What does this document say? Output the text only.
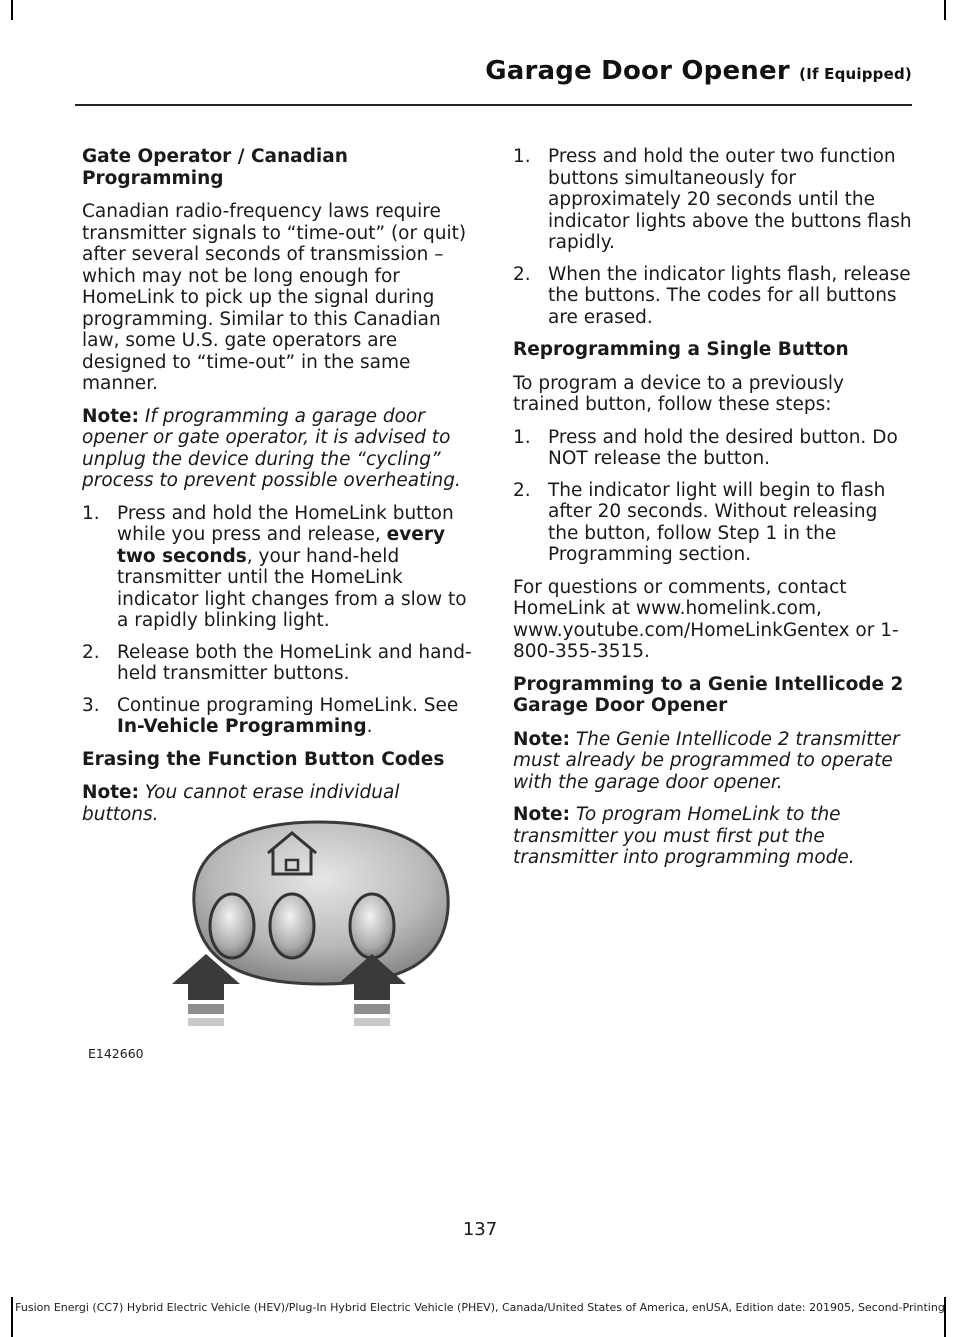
Garage Door Opener (If Equipped)
Gate Operator / Canadian Programming
Canadian radio-frequency laws require transmitter signals to “time-out” (or quit) after several seconds of transmission – which may not be long enough for HomeLink to pick up the signal during programming. Similar to this Canadian law, some U.S. gate operators are designed to “time-out” in the same manner.
Note: If programming a garage door opener or gate operator, it is advised to unplug the device during the “cycling” process to prevent possible overheating.
1. Press and hold the HomeLink button while you press and release, every two seconds, your hand-held transmitter until the HomeLink indicator light changes from a slow to a rapidly blinking light.
2. Release both the HomeLink and hand-held transmitter buttons.
3. Continue programing HomeLink. See In-Vehicle Programming.
Erasing the Function Button Codes
Note: You cannot erase individual buttons.
E142660
1. Press and hold the outer two function buttons simultaneously for approximately 20 seconds until the indicator lights above the buttons flash rapidly.
2. When the indicator lights flash, release the buttons. The codes for all buttons are erased.
Reprogramming a Single Button
To program a device to a previously trained button, follow these steps:
1. Press and hold the desired button. Do NOT release the button.
2. The indicator light will begin to flash after 20 seconds. Without releasing the button, follow Step 1 in the Programming section.
For questions or comments, contact HomeLink at www.homelink.com, www.youtube.com/HomeLinkGentex or 1-800-355-3515.
Programming to a Genie Intellicode 2 Garage Door Opener
Note: The Genie Intellicode 2 transmitter must already be programmed to operate with the garage door opener.
Note: To program HomeLink to the transmitter you must first put the transmitter into programming mode.
137
Fusion Energi (CC7) Hybrid Electric Vehicle (HEV)/Plug-In Hybrid Electric Vehicle (PHEV), Canada/United States of America, enUSA, Edition date: 201905, Second-Printing
